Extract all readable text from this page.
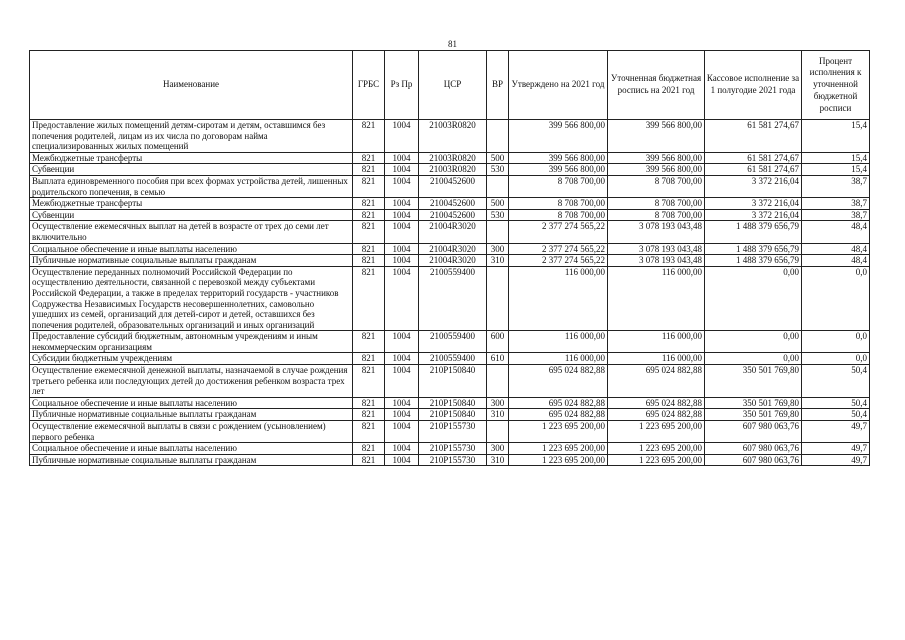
81
Наименование	ГРБС	Рз Пр	ЦСР	ВР	Утверждено на 2021 год	Уточненная бюджетная роспись на 2021 год	Кассовое исполнение за 1 полугодие 2021 года	Процент исполнения к уточненной бюджетной росписи
Предоставление жилых помещений детям-сиротам и детям, оставшимся без попечения родителей, лицам из их числа по договорам найма специализированных жилых помещений	821	1004	21003R0820		399 566 800,00	399 566 800,00	61 581 274,67	15,4
Межбюджетные трансферты	821	1004	21003R0820	500	399 566 800,00	399 566 800,00	61 581 274,67	15,4
Субвенции	821	1004	21003R0820	530	399 566 800,00	399 566 800,00	61 581 274,67	15,4
Выплата единовременного пособия при всех формах устройства детей, лишенных родительского попечения, в семью	821	1004	2100452600		8 708 700,00	8 708 700,00	3 372 216,04	38,7
Межбюджетные трансферты	821	1004	2100452600	500	8 708 700,00	8 708 700,00	3 372 216,04	38,7
Субвенции	821	1004	2100452600	530	8 708 700,00	8 708 700,00	3 372 216,04	38,7
Осуществление ежемесячных выплат на детей в возрасте от трех до семи лет включительно	821	1004	21004R3020		2 377 274 565,22	3 078 193 043,48	1 488 379 656,79	48,4
Социальное обеспечение и иные выплаты населению	821	1004	21004R3020	300	2 377 274 565,22	3 078 193 043,48	1 488 379 656,79	48,4
Публичные нормативные социальные выплаты гражданам	821	1004	21004R3020	310	2 377 274 565,22	3 078 193 043,48	1 488 379 656,79	48,4
Осуществление переданных полномочий Российской Федерации по осуществлению деятельности, связанной с перевозкой между субъектами Российской Федерации, а также в пределах территорий государств - участников Содружества Независимых Государств несовершеннолетних, самовольно ушедших из семей, организаций для детей-сирот и детей, оставшихся без попечения родителей, образовательных организаций и иных организаций	821	1004	2100559400		116 000,00	116 000,00	0,00	0,0
Предоставление субсидий бюджетным, автономным учреждениям и иным некоммерческим организациям	821	1004	2100559400	600	116 000,00	116 000,00	0,00	0,0
Субсидии бюджетным учреждениям	821	1004	2100559400	610	116 000,00	116 000,00	0,00	0,0
Осуществление ежемесячной денежной выплаты, назначаемой в случае рождения третьего ребенка или последующих детей до достижения ребенком возраста трех лет	821	1004	210P150840		695 024 882,88	695 024 882,88	350 501 769,80	50,4
Социальное обеспечение и иные выплаты населению	821	1004	210P150840	300	695 024 882,88	695 024 882,88	350 501 769,80	50,4
Публичные нормативные социальные выплаты гражданам	821	1004	210P150840	310	695 024 882,88	695 024 882,88	350 501 769,80	50,4
Осуществление ежемесячной выплаты в связи с рождением (усыновлением) первого ребенка	821	1004	210P155730		1 223 695 200,00	1 223 695 200,00	607 980 063,76	49,7
Социальное обеспечение и иные выплаты населению	821	1004	210P155730	300	1 223 695 200,00	1 223 695 200,00	607 980 063,76	49,7
Публичные нормативные социальные выплаты гражданам	821	1004	210P155730	310	1 223 695 200,00	1 223 695 200,00	607 980 063,76	49,7
